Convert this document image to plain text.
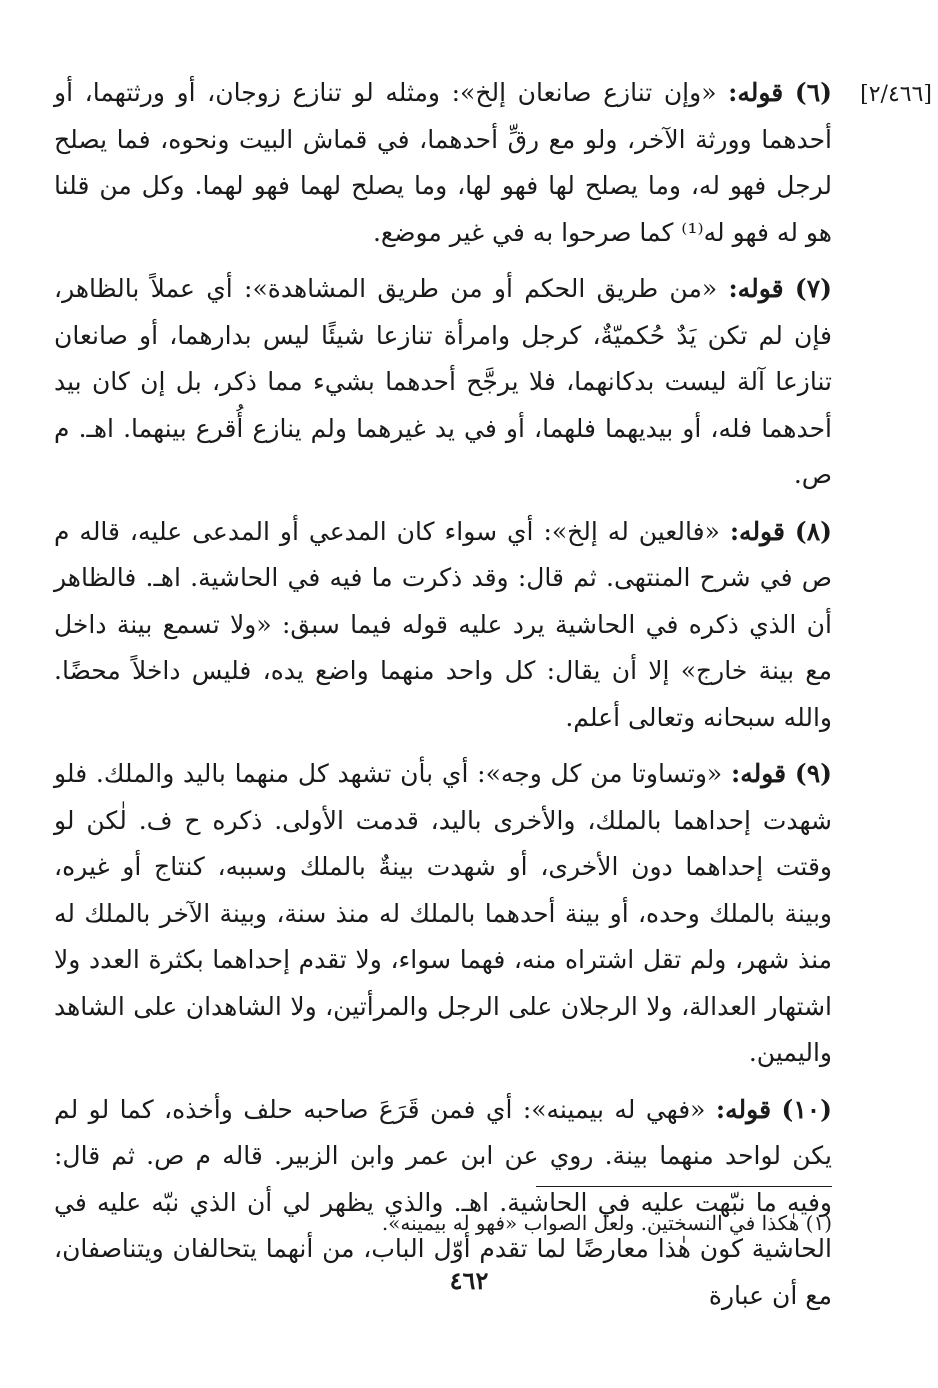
[٢/٤٦٦]

(٦) قوله: «وإن تنازع صانعان إلخ»: ومثله لو تنازع زوجان، أو ورثتهما، أو أحدهما وورثة الآخر، ولو مع رقِّ أحدهما، في قماش البيت ونحوه، فما يصلح لرجل فهو له، وما يصلح لها فهو لها، وما يصلح لهما فهو لهما. وكل من قلنا هو له فهو له⁽¹⁾ كما صرحوا به في غير موضع.

(٧) قوله: «من طريق الحكم أو من طريق المشاهدة»: أي عملاً بالظاهر، فإن لم تكن يَدٌ حُكميّةٌ، كرجل وامرأة تنازعا شيئًا ليس بدارهما، أو صانعان تنازعا آلة ليست بدكانهما، فلا يرجَّح أحدهما بشيء مما ذكر، بل إن كان بيد أحدهما فله، أو بيديهما فلهما، أو في يد غيرهما ولم ينازع أُقرع بينهما. اهـ. م ص.

(٨) قوله: «فالعين له إلخ»: أي سواء كان المدعي أو المدعى عليه، قاله م ص في شرح المنتهى. ثم قال: وقد ذكرت ما فيه في الحاشية. اهـ. فالظاهر أن الذي ذكره في الحاشية يرد عليه قوله فيما سبق: «ولا تسمع بينة داخل مع بينة خارج» إلا أن يقال: كل واحد منهما واضع يده، فليس داخلاً محضًا. والله سبحانه وتعالى أعلم.

(٩) قوله: «وتساوتا من كل وجه»: أي بأن تشهد كل منهما باليد والملك. فلو شهدت إحداهما بالملك، والأخرى باليد، قدمت الأولى. ذكره ح ف. لٰكن لو وقتت إحداهما دون الأخرى، أو شهدت بينةٌ بالملك وسببه، كنتاج أو غيره، وبينة بالملك وحده، أو بينة أحدهما بالملك له منذ سنة، وبينة الآخر بالملك له منذ شهر، ولم تقل اشتراه منه، فهما سواء، ولا تقدم إحداهما بكثرة العدد ولا اشتهار العدالة، ولا الرجلان على الرجل والمرأتين، ولا الشاهدان على الشاهد واليمين.

(١٠) قوله: «فهي له بيمينه»: أي فمن قَرَعَ صاحبه حلف وأخذه، كما لو لم يكن لواحد منهما بينة. روي عن ابن عمر وابن الزبير. قاله م ص. ثم قال: وفيه ما نبّهت عليه في الحاشية. اهـ. والذي يظهر لي أن الذي نبّه عليه في الحاشية كون هٰذا معارضًا لما تقدم أوّل الباب، من أنهما يتحالفان ويتناصفان، مع أن عبارة

(١) هٰكذا في النسختين. ولعل الصواب «فهو له بيمينه».
٤٦٢
